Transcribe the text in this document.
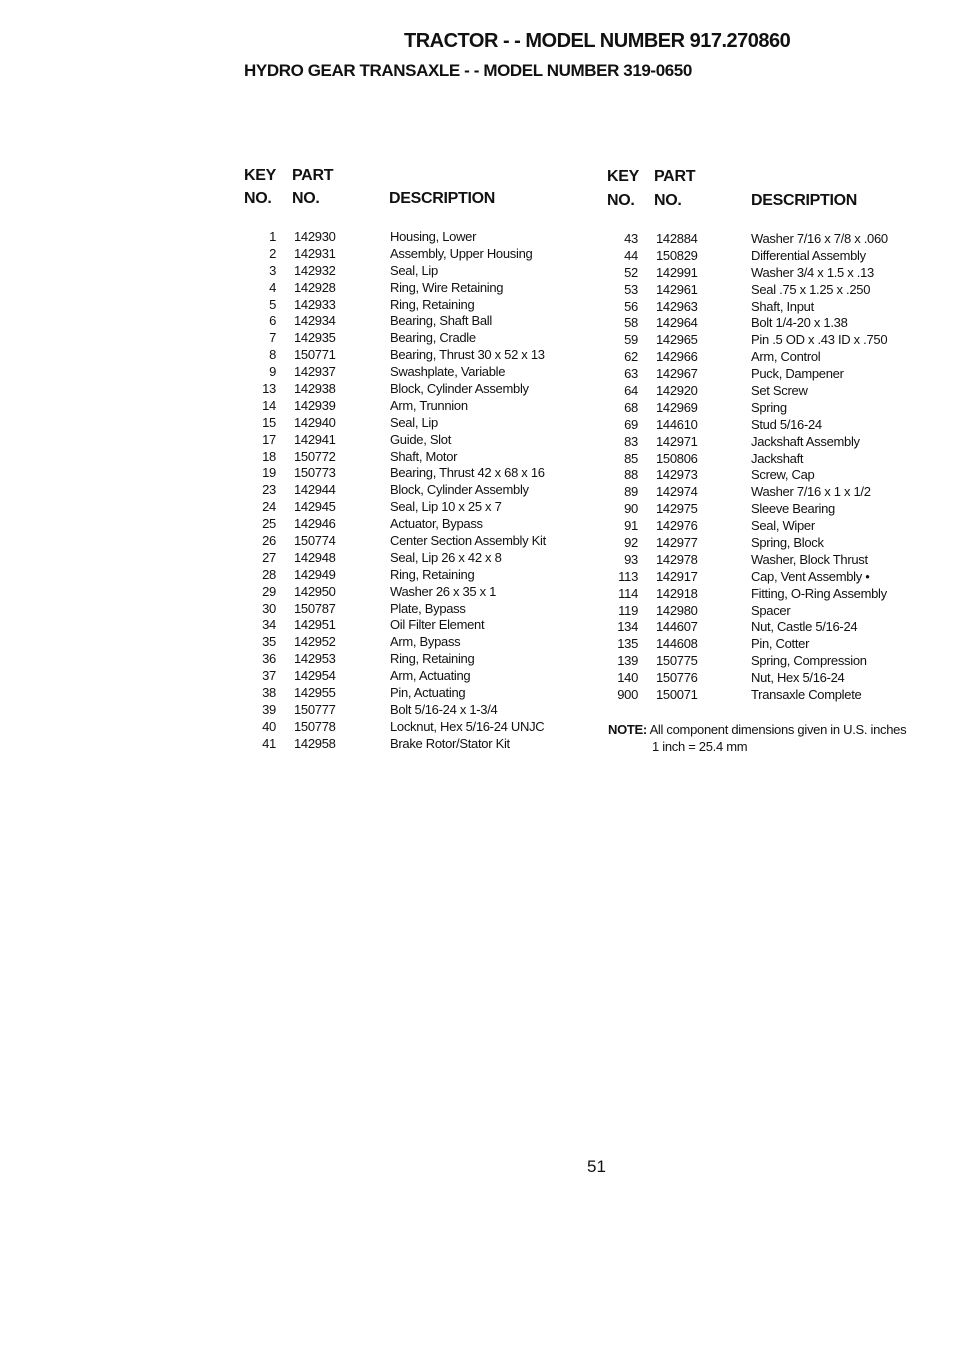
TRACTOR - - MODEL NUMBER 917.270860
HYDRO GEAR TRANSAXLE - - MODEL NUMBER 319-0650
KEY PART
NO. NO.	DESCRIPTION
KEY PART
NO. NO.	DESCRIPTION
1 142930	Housing, Lower
2 142931	Assembly, Upper Housing
3 142932	Seal, Lip
4 142928	Ring, Wire Retaining
5 142933	Ring, Retaining
6 142934	Bearing, Shaft Ball
7 142935	Bearing, Cradle
8 150771	Bearing, Thrust 30 x 52 x 13
9 142937	Swashplate, Variable
13 142938	Block, Cylinder Assembly
14 142939	Arm, Trunnion
15 142940	Seal, Lip
17 142941	Guide, Slot
18 150772	Shaft, Motor
19 150773	Bearing, Thrust 42 x 68 x 16
23 142944	Block, Cylinder Assembly
24 142945	Seal, Lip 10 x 25 x 7
25 142946	Actuator, Bypass
26 150774	Center Section Assembly Kit
27 142948	Seal, Lip 26 x 42 x 8
28 142949	Ring, Retaining
29 142950	Washer 26 x 35 x 1
30 150787	Plate, Bypass
34 142951	Oil Filter Element
35 142952	Arm, Bypass
36 142953	Ring, Retaining
37 142954	Arm, Actuating
38 142955	Pin, Actuating
39 150777	Bolt 5/16-24 x 1-3/4
40 150778	Locknut, Hex 5/16-24 UNJC
41 142958	Brake Rotor/Stator Kit
43 142884	Washer 7/16 x 7/8 x .060
44 150829	Differential Assembly
52 142991	Washer 3/4 x 1.5 x .13
53 142961	Seal .75 x 1.25 x .250
56 142963	Shaft, Input
58 142964	Bolt 1/4-20 x 1.38
59 142965	Pin .5 OD x .43 ID x .750
62 142966	Arm, Control
63 142967	Puck, Dampener
64 142920	Set Screw
68 142969	Spring
69 144610	Stud 5/16-24
83 142971	Jackshaft Assembly
85 150806	Jackshaft
88 142973	Screw, Cap
89 142974	Washer 7/16 x 1 x 1/2
90 142975	Sleeve Bearing
91 142976	Seal, Wiper
92 142977	Spring, Block
93 142978	Washer, Block Thrust
113 142917	Cap, Vent Assembly •
114 142918	Fitting, O-Ring Assembly
119 142980	Spacer
134 144607	Nut, Castle 5/16-24
135 144608	Pin, Cotter
139 150775	Spring, Compression
140 150776	Nut, Hex 5/16-24
900 150071	Transaxle Complete
NOTE: All component dimensions given in U.S. inches
1 inch = 25.4 mm
51
